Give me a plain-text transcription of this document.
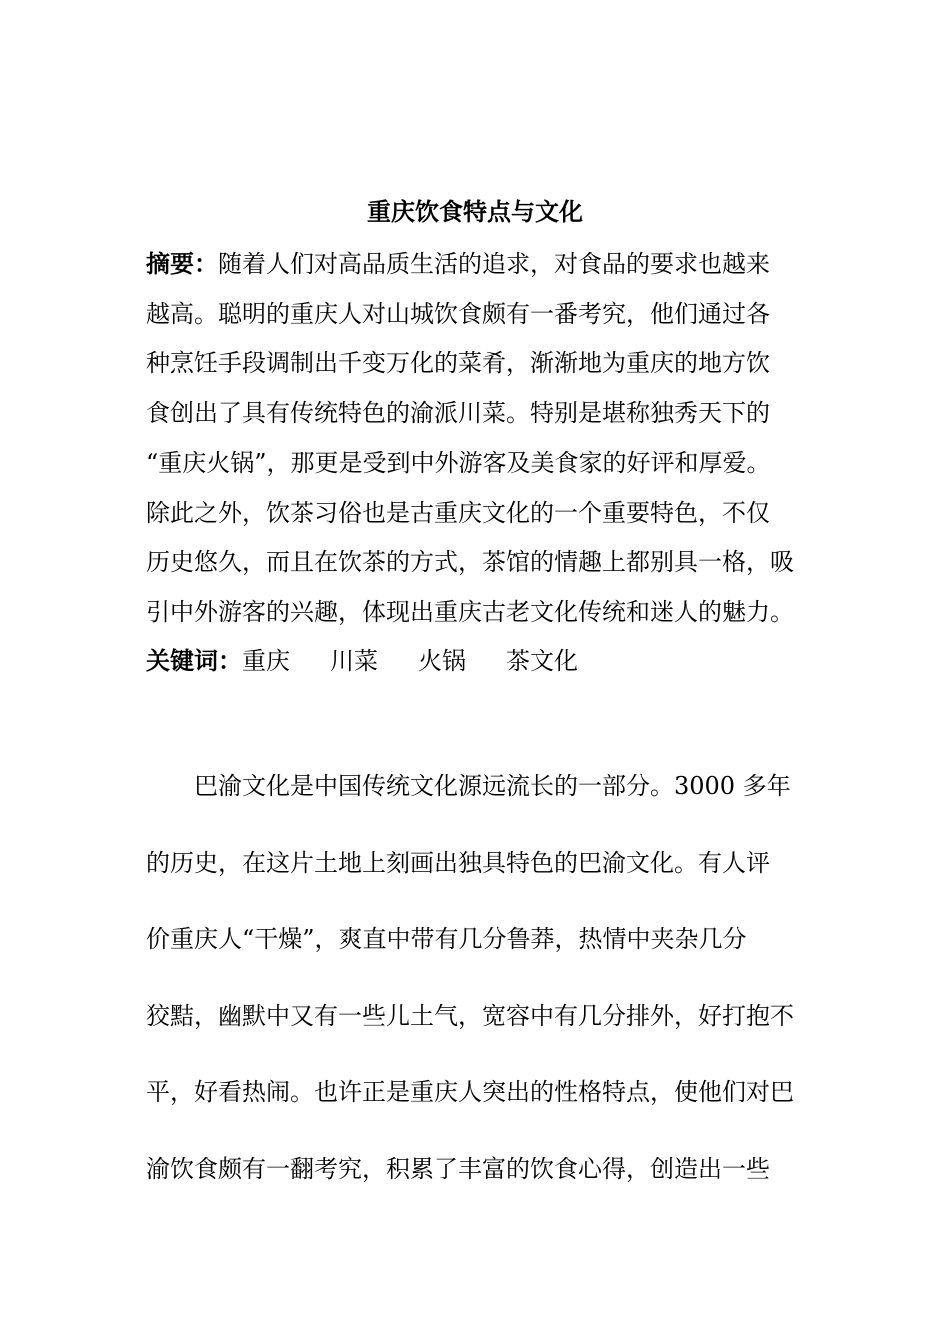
重庆饮食特点与文化
摘要：随着人们对高品质生活的追求，对食品的要求也越来
越高。聪明的重庆人对山城饮食颇有一番考究，他们通过各
种烹饪手段调制出千变万化的菜肴，渐渐地为重庆的地方饮
食创出了具有传统特色的渝派川菜。特别是堪称独秀天下的
“重庆火锅”，那更是受到中外游客及美食家的好评和厚爱。
除此之外，饮茶习俗也是古重庆文化的一个重要特色，不仅
历史悠久，而且在饮茶的方式，茶馆的情趣上都别具一格，吸
引中外游客的兴趣，体现出重庆古老文化传统和迷人的魅力。
关键词：重庆 川菜 火锅 茶文化
　　巴渝文化是中国传统文化源远流长的一部分。3000 多年
的历史，在这片土地上刻画出独具特色的巴渝文化。有人评
价重庆人“干燥”，爽直中带有几分鲁莽，热情中夹杂几分
狡黠，幽默中又有一些儿土气，宽容中有几分排外，好打抱不
平，好看热闹。也许正是重庆人突出的性格特点，使他们对巴
渝饮食颇有一翻考究，积累了丰富的饮食心得，创造出一些
